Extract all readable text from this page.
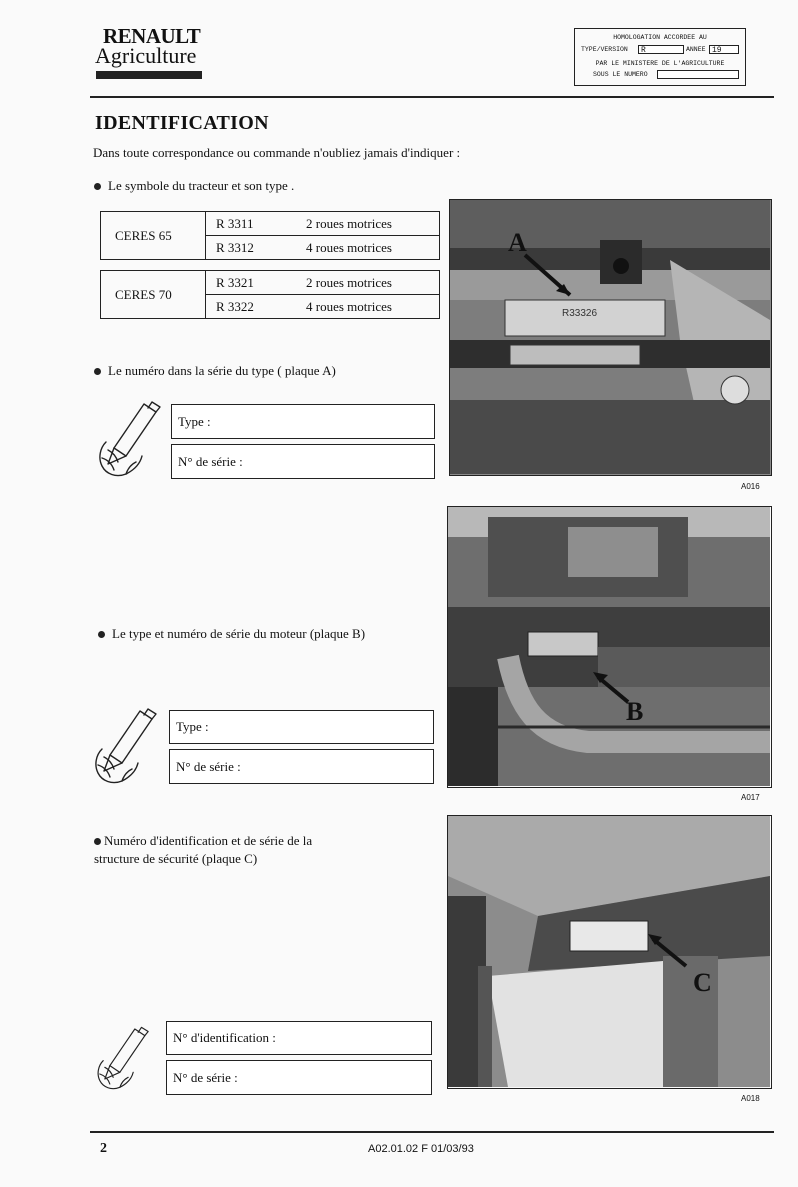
RENAULT
Agriculture
HOMOLOGATION ACCORDEE AU
TYPE/VERSION	R	ANNEE 19
PAR LE MINISTERE DE L'AGRICULTURE
SOUS LE NUMERO
IDENTIFICATION
Dans toute correspondance ou commande n'oubliez jamais d'indiquer :
Le symbole du tracteur et son type .
CERES 65	R 3311	2 roues motrices
	R 3312	4 roues motrices
CERES 70	R 3321	2 roues motrices
	R 3322	4 roues motrices
Le numéro dans la série du type ( plaque A)
Type :
N° de série :
A
R33326
A016
Le type et numéro de série du moteur (plaque B)
Type :
N° de série :
B
A017
Numéro d'identification et de série de la
structure de sécurité (plaque C)
N° d'identification :
N° de série :
C
A018
2	A02.01.02 F 01/03/93
